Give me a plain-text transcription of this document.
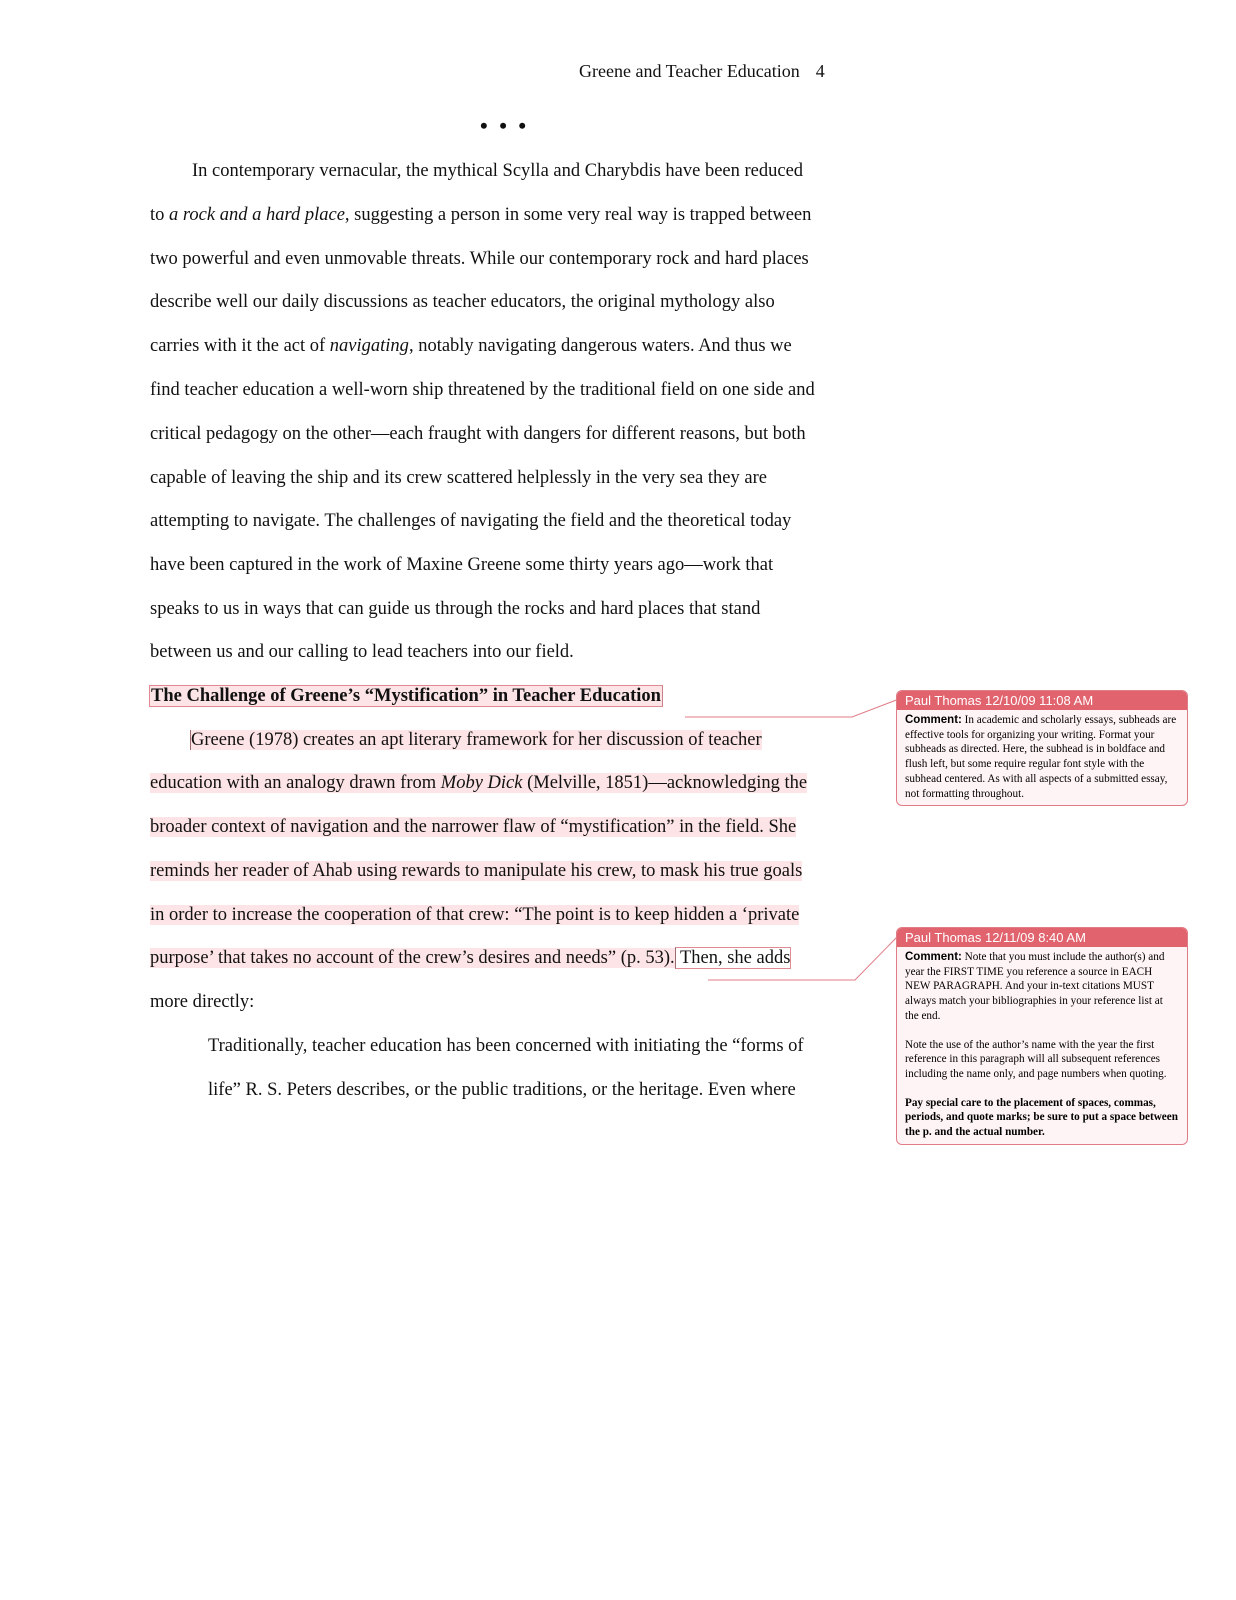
Greene and Teacher Education 4
• • •
In contemporary vernacular, the mythical Scylla and Charybdis have been reduced
to a rock and a hard place, suggesting a person in some very real way is trapped between
two powerful and even unmovable threats. While our contemporary rock and hard places
describe well our daily discussions as teacher educators, the original mythology also
carries with it the act of navigating, notably navigating dangerous waters. And thus we
find teacher education a well-worn ship threatened by the traditional field on one side and
critical pedagogy on the other—each fraught with dangers for different reasons, but both
capable of leaving the ship and its crew scattered helplessly in the very sea they are
attempting to navigate. The challenges of navigating the field and the theoretical today
have been captured in the work of Maxine Greene some thirty years ago—work that
speaks to us in ways that can guide us through the rocks and hard places that stand
between us and our calling to lead teachers into our field.
The Challenge of Greene’s “Mystification” in Teacher Education
Greene (1978) creates an apt literary framework for her discussion of teacher
education with an analogy drawn from Moby Dick (Melville, 1851)—acknowledging the
broader context of navigation and the narrower flaw of “mystification” in the field. She
reminds her reader of Ahab using rewards to manipulate his crew, to mask his true goals
in order to increase the cooperation of that crew: “The point is to keep hidden a ‘private
purpose’ that takes no account of the crew’s desires and needs” (p. 53). Then, she adds
more directly:
Traditionally, teacher education has been concerned with initiating the “forms of
life” R. S. Peters describes, or the public traditions, or the heritage. Even where
Paul Thomas 12/10/09 11:08 AM

Comment: In academic and scholarly essays, subheads are effective tools for organizing your writing. Format your subheads as directed. Here, the subhead is in boldface and flush left, but some require regular font style with the subhead centered. As with all aspects of a submitted essay, not formatting throughout.

Paul Thomas 12/11/09 8:40 AM

Comment: Note that you must include the author(s) and year the FIRST TIME you reference a source in EACH NEW PARAGRAPH. And your in-text citations MUST always match your bibliographies in your reference list at the end.

Note the use of the author’s name with the year the first reference in this paragraph will all subsequent references including the name only, and page numbers when quoting.

Pay special care to the placement of spaces, commas, periods, and quote marks; be sure to put a space between the p. and the actual number.
